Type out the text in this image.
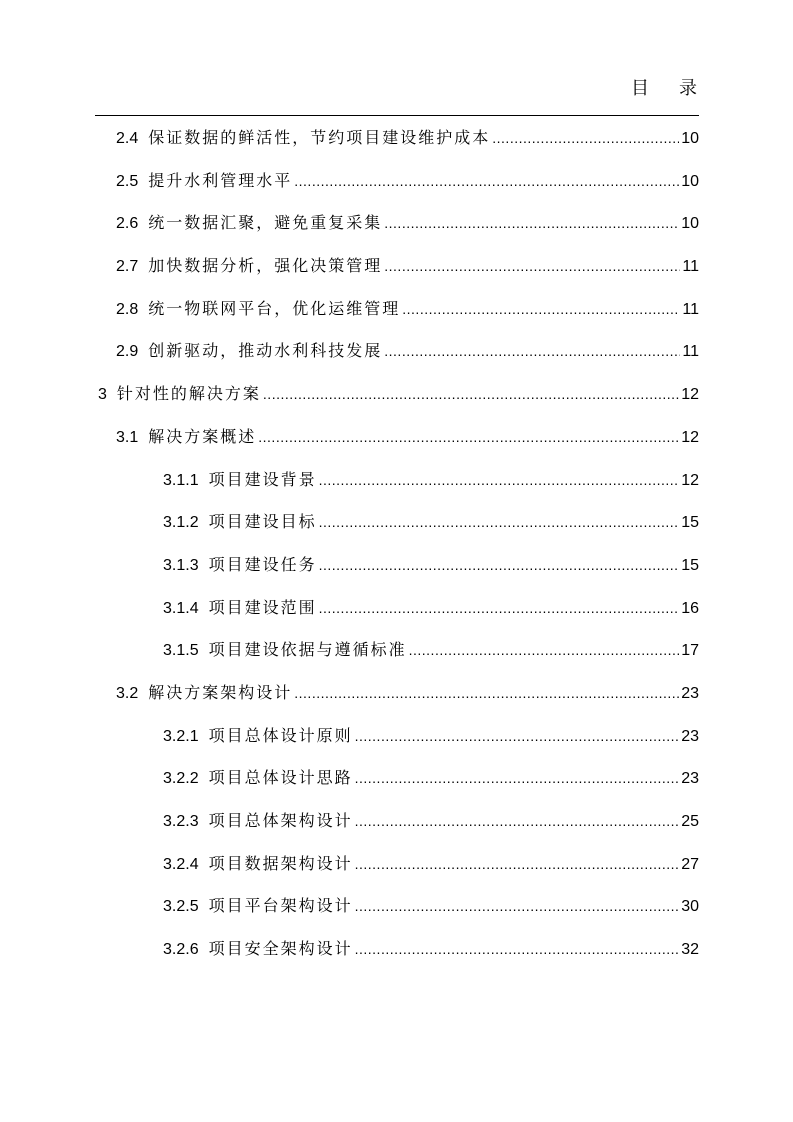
目录
2.4 保证数据的鲜活性，节约项目建设维护成本 .....	10
2.5 提升水利管理水平 .....	10
2.6 统一数据汇聚，避免重复采集 .....	10
2.7 加快数据分析，强化决策管理 .....	11
2.8 统一物联网平台，优化运维管理 .....	11
2.9 创新驱动，推动水利科技发展 .....	11
3 针对性的解决方案 .....	12
3.1 解决方案概述 .....	12
3.1.1 项目建设背景 .....	12
3.1.2 项目建设目标 .....	15
3.1.3 项目建设任务 .....	15
3.1.4 项目建设范围 .....	16
3.1.5 项目建设依据与遵循标准 .....	17
3.2 解决方案架构设计 .....	23
3.2.1 项目总体设计原则 .....	23
3.2.2 项目总体设计思路 .....	23
3.2.3 项目总体架构设计 .....	25
3.2.4 项目数据架构设计 .....	27
3.2.5 项目平台架构设计 .....	30
3.2.6 项目安全架构设计 .....	32
